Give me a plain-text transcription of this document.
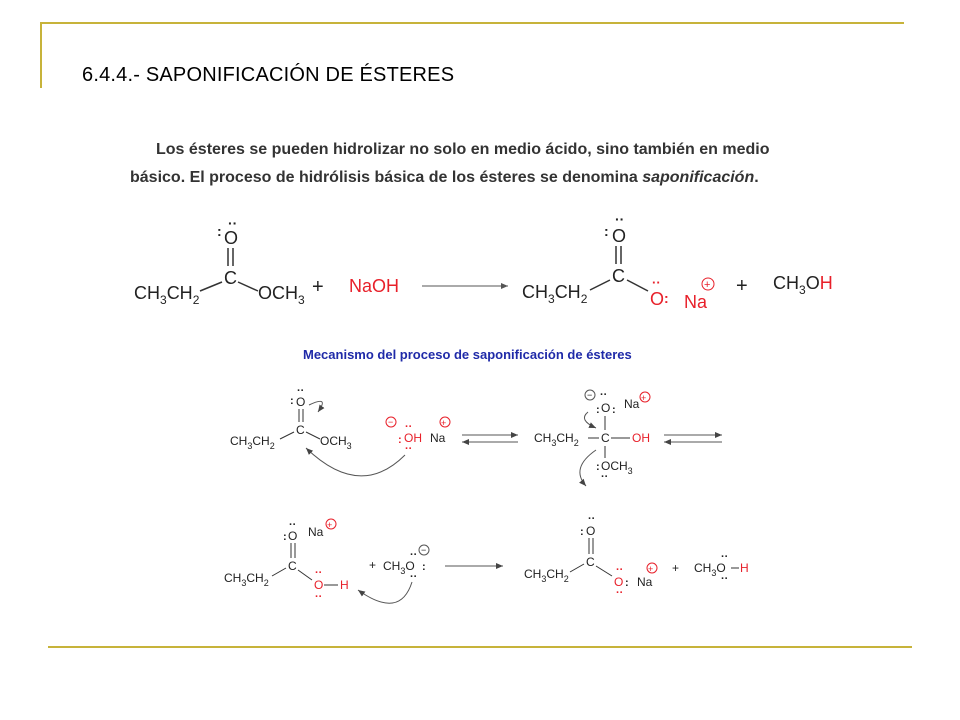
6.4.4.- SAPONIFICACIÓN DE ÉSTERES
Los ésteres se pueden hidrolizar no solo en medio ácido, sino también en medio
básico. El proceso de hidrólisis básica de los ésteres se denomina saponificación.
: ··
O
C
$CH_3CH_2$	$OCH_3$
+ NaOH
:
··
O
C
$CH_3CH_2$
··
O :
+
Na
+ $CH_3OH$
Mecanismo del proceso de saponificación de ésteres
:
··
O
C
$CH_3CH_2$	$OCH_3$
−	+
··
: OH
··
Na
− ··
: O : Na +
C
$CH_3CH_2$	OH
: $OCH_3$
··
:
··
O Na +
C
$CH_3CH_2$
··
O H
··
+ $CH_3O$
··
:
··
−
:
··
O
C
$CH_3CH_2$
··
O :
··
Na
+ + $CH_3O$
··
··
H
